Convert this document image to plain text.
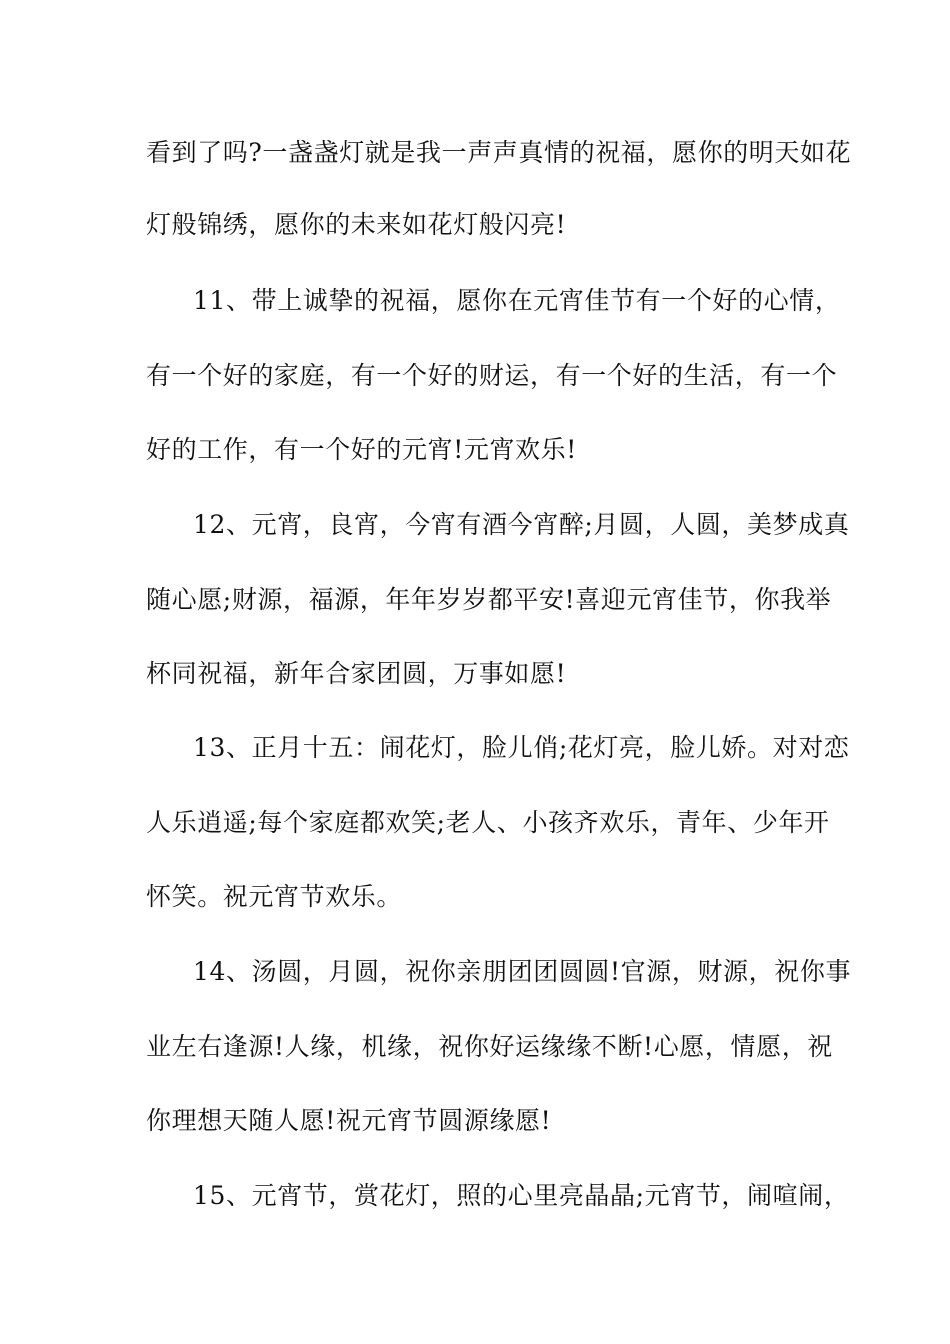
看到了吗?一盏盏灯就是我一声声真情的祝福，愿你的明天如花
灯般锦绣，愿你的未来如花灯般闪亮!
11、带上诚挚的祝福，愿你在元宵佳节有一个好的心情，
有一个好的家庭，有一个好的财运，有一个好的生活，有一个
好的工作，有一个好的元宵!元宵欢乐!
12、元宵，良宵，今宵有酒今宵醉;月圆，人圆，美梦成真
随心愿;财源，福源，年年岁岁都平安!喜迎元宵佳节，你我举
杯同祝福，新年合家团圆，万事如愿!
13、正月十五：闹花灯，脸儿俏;花灯亮，脸儿娇。对对恋
人乐逍遥;每个家庭都欢笑;老人、小孩齐欢乐，青年、少年开
怀笑。祝元宵节欢乐。
14、汤圆，月圆，祝你亲朋团团圆圆!官源，财源，祝你事
业左右逢源!人缘，机缘，祝你好运缘缘不断!心愿，情愿，祝
你理想天随人愿!祝元宵节圆源缘愿!
15、元宵节，赏花灯，照的心里亮晶晶;元宵节，闹喧闹，
